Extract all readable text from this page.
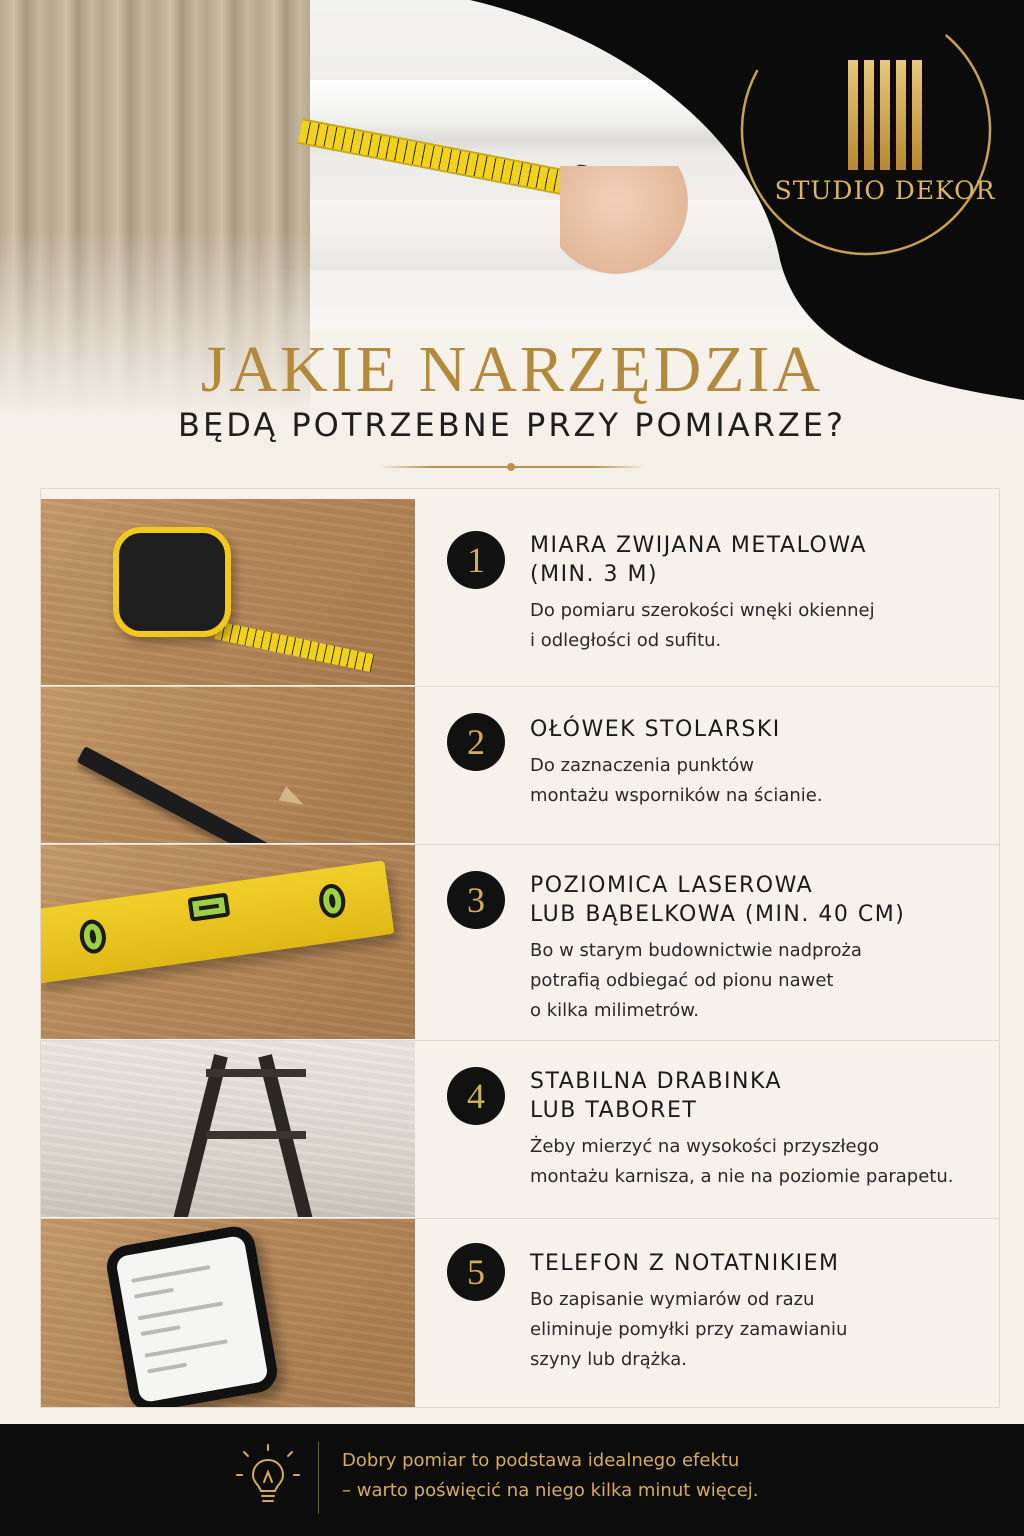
STUDIO DEKOR
JAKIE NARZĘDZIA
BĘDĄ POTRZEBNE PRZY POMIARZE?
1	MIARA ZWIJANA METALOWA
(MIN. 3 M)
Do pomiaru szerokości wnęki okiennej
i odległości od sufitu.
2	OŁÓWEK STOLARSKI
Do zaznaczenia punktów
montażu wsporników na ścianie.
3	POZIOMICA LASEROWA
LUB BĄBELKOWA (MIN. 40 CM)
Bo w starym budownictwie nadproża
potrafią odbiegać od pionu nawet
o kilka milimetrów.
4	STABILNA DRABINKA
LUB TABORET
Żeby mierzyć na wysokości przyszłego
montażu karnisza, a nie na poziomie parapetu.
5	TELEFON Z NOTATNIKIEM
Bo zapisanie wymiarów od razu
eliminuje pomyłki przy zamawianiu
szyny lub drążka.
Dobry pomiar to podstawa idealnego efektu
– warto poświęcić na niego kilka minut więcej.
